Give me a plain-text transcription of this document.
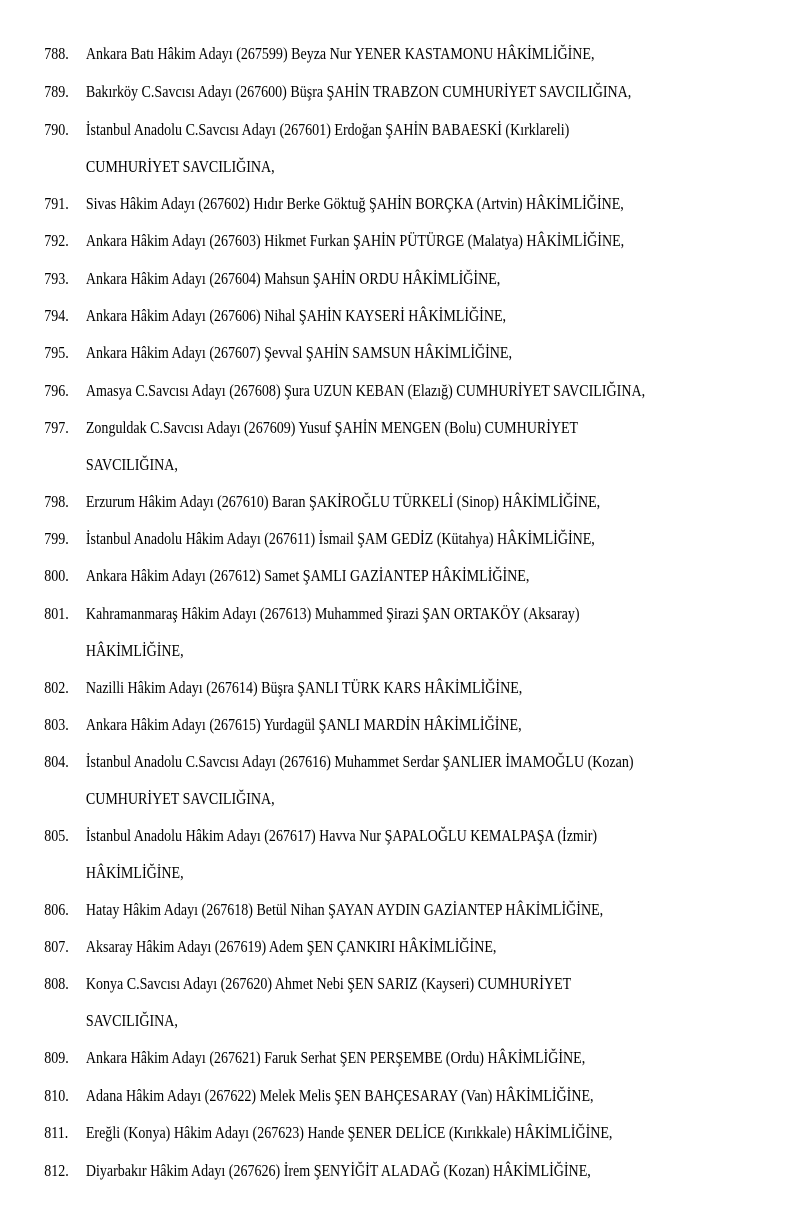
788. Ankara Batı Hâkim Adayı (267599) Beyza Nur YENER KASTAMONU HÂKİMLİĞİNE,
789. Bakırköy C.Savcısı Adayı (267600) Büşra ŞAHİN TRABZON CUMHURİYET SAVCILIĞINA,
790. İstanbul Anadolu C.Savcısı Adayı (267601) Erdoğan ŞAHİN BABAESKİ (Kırklareli)
CUMHURİYET SAVCILIĞINA,
791. Sivas Hâkim Adayı (267602) Hıdır Berke Göktuğ ŞAHİN BORÇKA (Artvin) HÂKİMLİĞİNE,
792. Ankara Hâkim Adayı (267603) Hikmet Furkan ŞAHİN PÜTÜRGE (Malatya) HÂKİMLİĞİNE,
793. Ankara Hâkim Adayı (267604) Mahsun ŞAHİN ORDU HÂKİMLİĞİNE,
794. Ankara Hâkim Adayı (267606) Nihal ŞAHİN KAYSERİ HÂKİMLİĞİNE,
795. Ankara Hâkim Adayı (267607) Şevval ŞAHİN SAMSUN HÂKİMLİĞİNE,
796. Amasya C.Savcısı Adayı (267608) Şura UZUN KEBAN (Elazığ) CUMHURİYET SAVCILIĞINA,
797. Zonguldak C.Savcısı Adayı (267609) Yusuf ŞAHİN MENGEN (Bolu) CUMHURİYET
SAVCILIĞINA,
798. Erzurum Hâkim Adayı (267610) Baran ŞAKİROĞLU TÜRKELİ (Sinop) HÂKİMLİĞİNE,
799. İstanbul Anadolu Hâkim Adayı (267611) İsmail ŞAM GEDİZ (Kütahya) HÂKİMLİĞİNE,
800. Ankara Hâkim Adayı (267612) Samet ŞAMLI GAZİANTEP HÂKİMLİĞİNE,
801. Kahramanmaraş Hâkim Adayı (267613) Muhammed Şirazi ŞAN ORTAKÖY (Aksaray)
HÂKİMLİĞİNE,
802. Nazilli Hâkim Adayı (267614) Büşra ŞANLI TÜRK KARS HÂKİMLİĞİNE,
803. Ankara Hâkim Adayı (267615) Yurdagül ŞANLI MARDİN HÂKİMLİĞİNE,
804. İstanbul Anadolu C.Savcısı Adayı (267616) Muhammet Serdar ŞANLIER İMAMOĞLU (Kozan)
CUMHURİYET SAVCILIĞINA,
805. İstanbul Anadolu Hâkim Adayı (267617) Havva Nur ŞAPALOĞLU KEMALPAŞA (İzmir)
HÂKİMLİĞİNE,
806. Hatay Hâkim Adayı (267618) Betül Nihan ŞAYAN AYDIN GAZİANTEP HÂKİMLİĞİNE,
807. Aksaray Hâkim Adayı (267619) Adem ŞEN ÇANKIRI HÂKİMLİĞİNE,
808. Konya C.Savcısı Adayı (267620) Ahmet Nebi ŞEN SARIZ (Kayseri) CUMHURİYET
SAVCILIĞINA,
809. Ankara Hâkim Adayı (267621) Faruk Serhat ŞEN PERŞEMBE (Ordu) HÂKİMLİĞİNE,
810. Adana Hâkim Adayı (267622) Melek Melis ŞEN BAHÇESARAY (Van) HÂKİMLİĞİNE,
811. Ereğli (Konya) Hâkim Adayı (267623) Hande ŞENER DELİCE (Kırıkkale) HÂKİMLİĞİNE,
812. Diyarbakır Hâkim Adayı (267626) İrem ŞENYİĞİT ALADAĞ (Kozan) HÂKİMLİĞİNE,
